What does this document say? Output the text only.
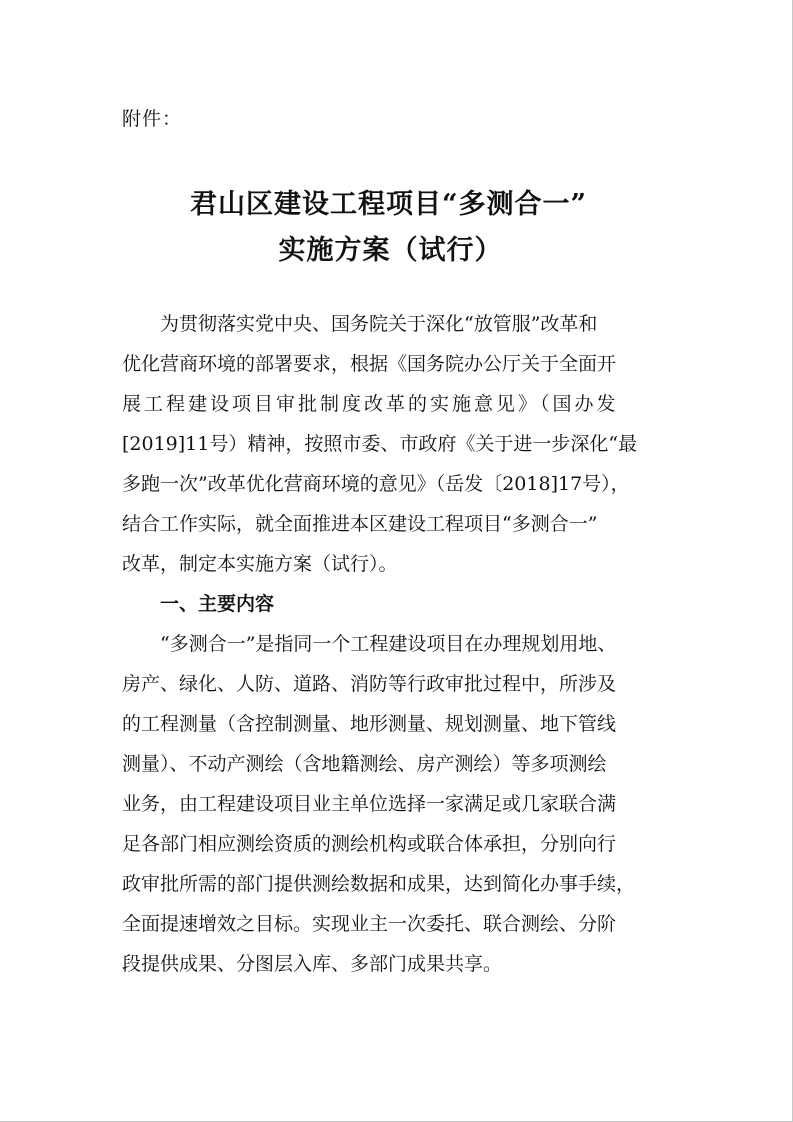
附件：
君山区建设工程项目“多测合一”
实施方案（试行）
　　为贯彻落实党中央、国务院关于深化“放管服”改革和
优化营商环境的部署要求，根据《国务院办公厅关于全面开
展工程建设项目审批制度改革的实施意见》（国办发
[2019]11号）精神，按照市委、市政府《关于进一步深化“最
多跑一次”改革优化营商环境的意见》（岳发〔2018]17号），
结合工作实际，就全面推进本区建设工程项目“多测合一”
改革，制定本实施方案（试行）。
　　一、主要内容
　　“多测合一”是指同一个工程建设项目在办理规划用地、
房产、绿化、人防、道路、消防等行政审批过程中，所涉及
的工程测量（含控制测量、地形测量、规划测量、地下管线
测量）、不动产测绘（含地籍测绘、房产测绘）等多项测绘
业务，由工程建设项目业主单位选择一家满足或几家联合满
足各部门相应测绘资质的测绘机构或联合体承担，分别向行
政审批所需的部门提供测绘数据和成果，达到简化办事手续，
全面提速增效之目标。实现业主一次委托、联合测绘、分阶
段提供成果、分图层入库、多部门成果共享。
